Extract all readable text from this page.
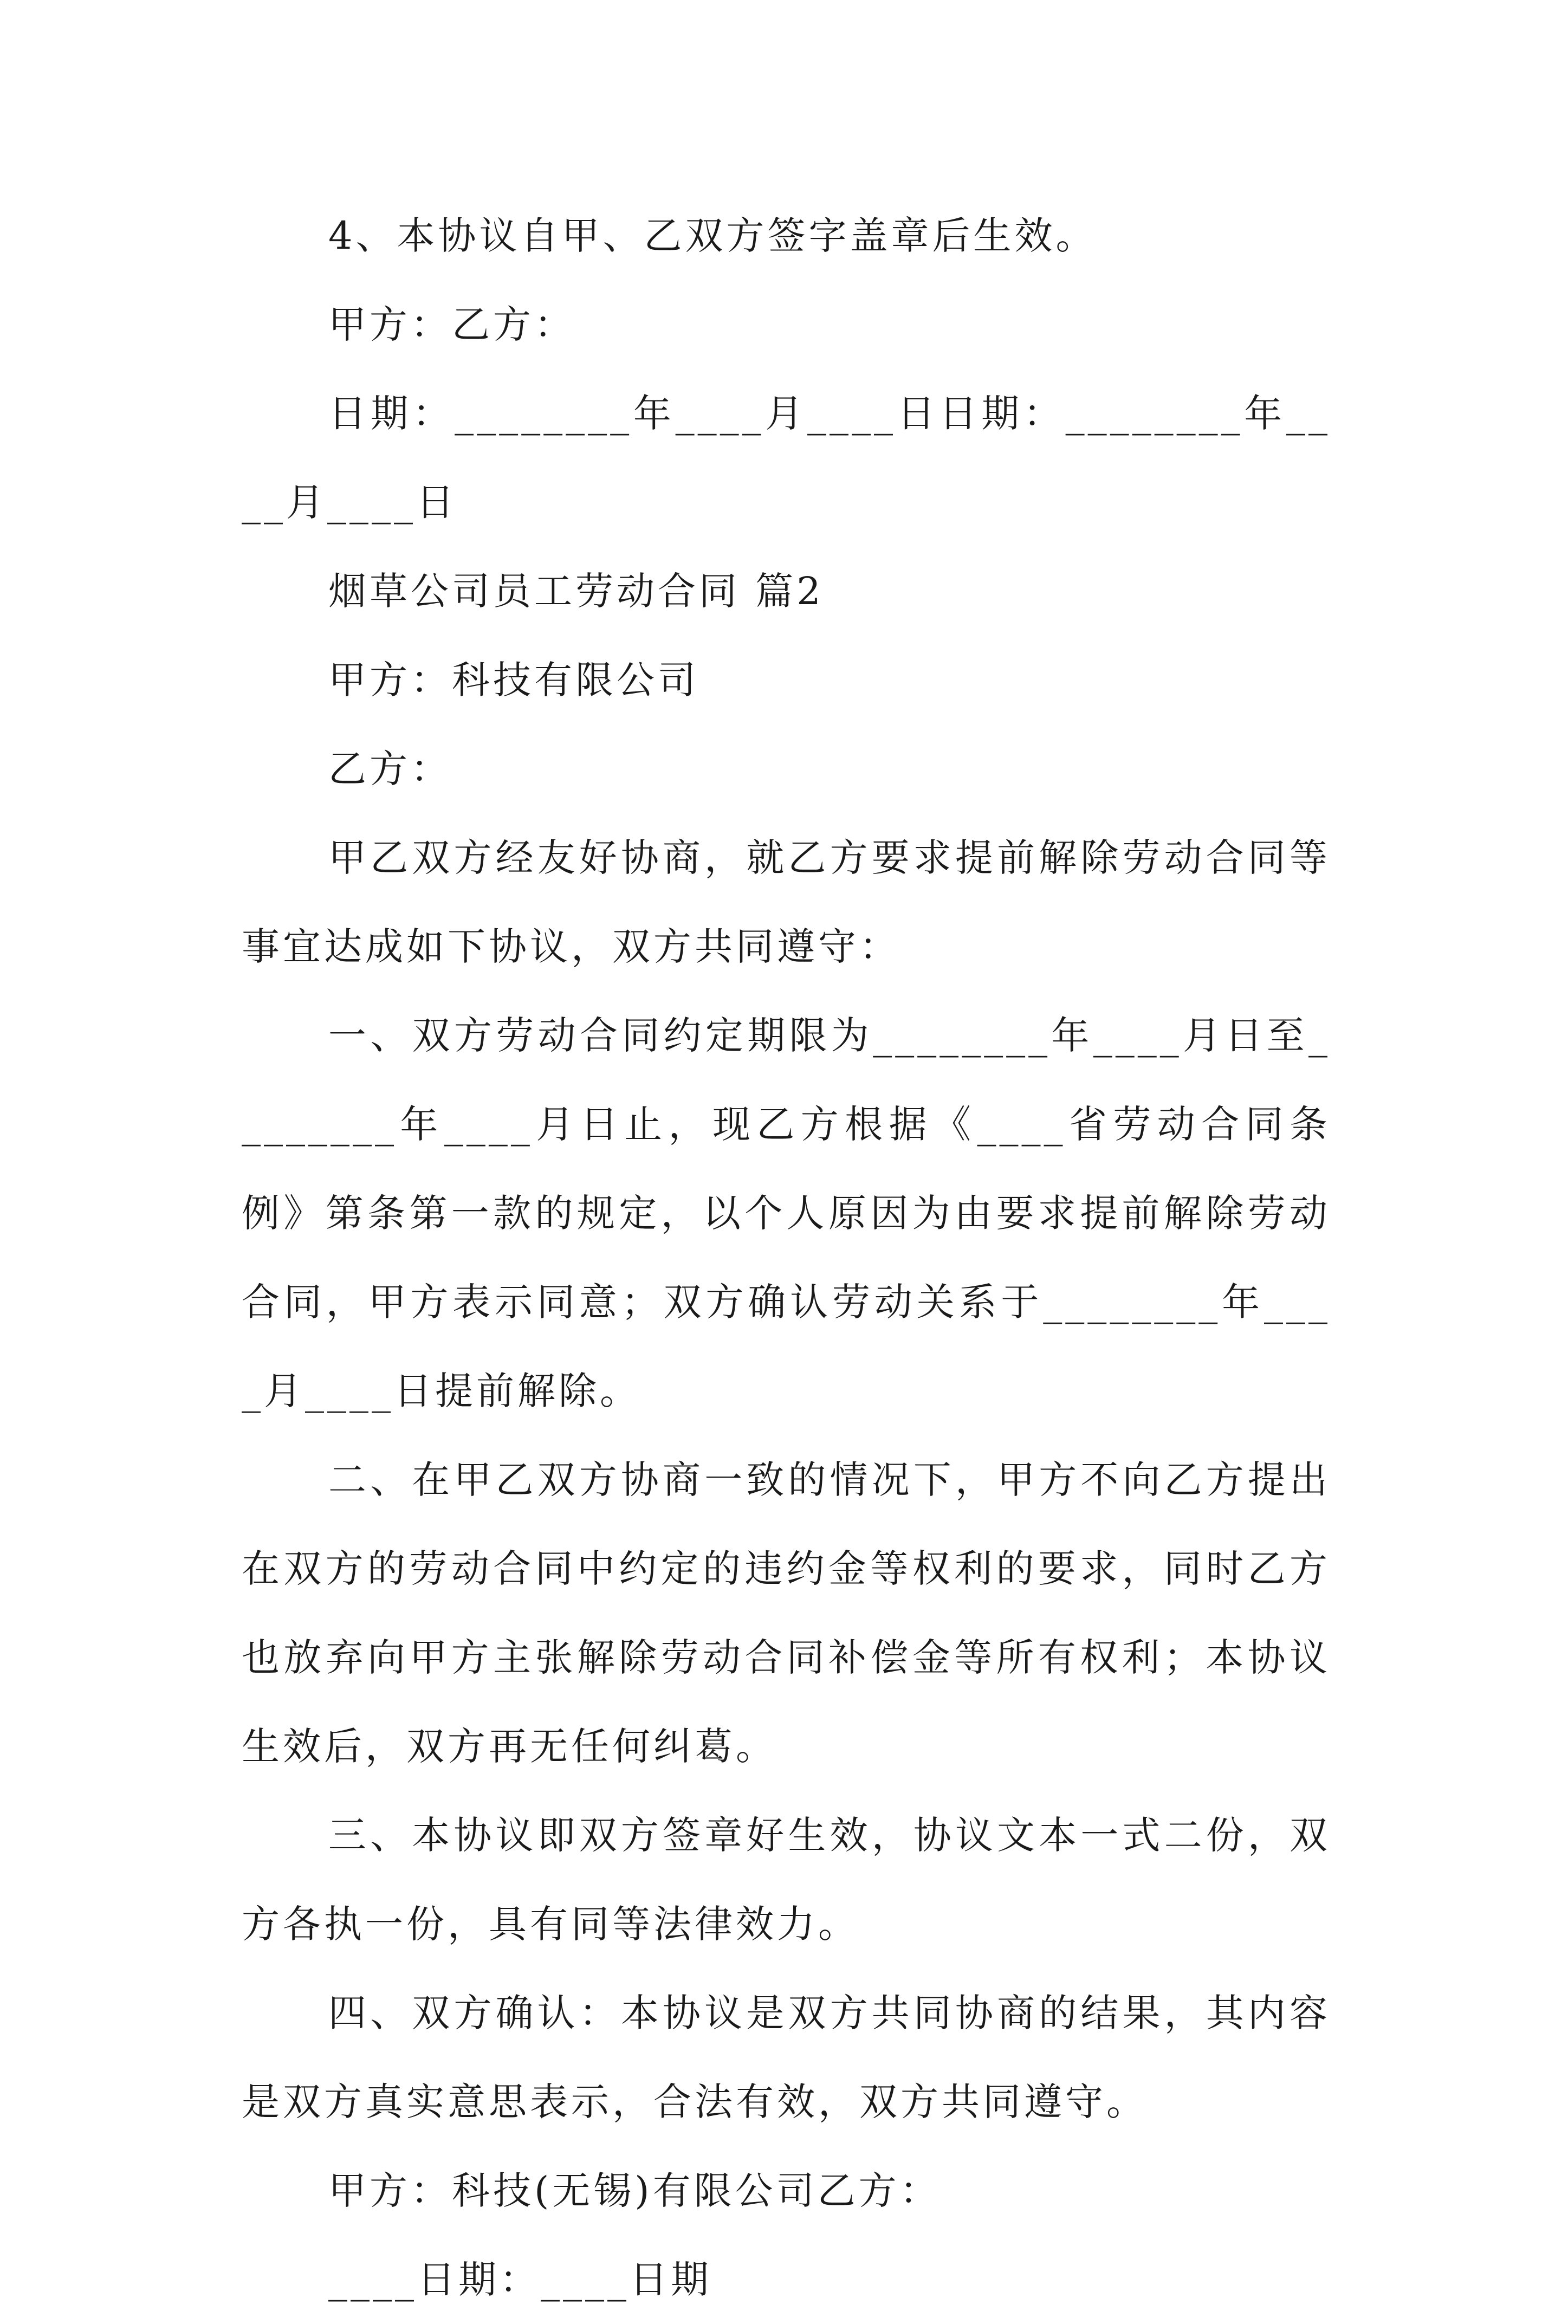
4、本协议自甲、乙双方签字盖章后生效。

甲方：乙方：

日期：________年____月____日日期：________年____月____日

烟草公司员工劳动合同 篇2

甲方：科技有限公司

乙方：

甲乙双方经友好协商，就乙方要求提前解除劳动合同等事宜达成如下协议，双方共同遵守：

一、双方劳动合同约定期限为________年____月日至________年____月日止，现乙方根据《____省劳动合同条例》第条第一款的规定，以个人原因为由要求提前解除劳动合同，甲方表示同意；双方确认劳动关系于________年____月____日提前解除。

二、在甲乙双方协商一致的情况下，甲方不向乙方提出在双方的劳动合同中约定的违约金等权利的要求，同时乙方也放弃向甲方主张解除劳动合同补偿金等所有权利；本协议生效后，双方再无任何纠葛。

三、本协议即双方签章好生效，协议文本一式二份，双方各执一份，具有同等法律效力。

四、双方确认：本协议是双方共同协商的结果，其内容是双方真实意思表示，合法有效，双方共同遵守。

甲方：科技(无锡)有限公司乙方：

____日期：____日期
